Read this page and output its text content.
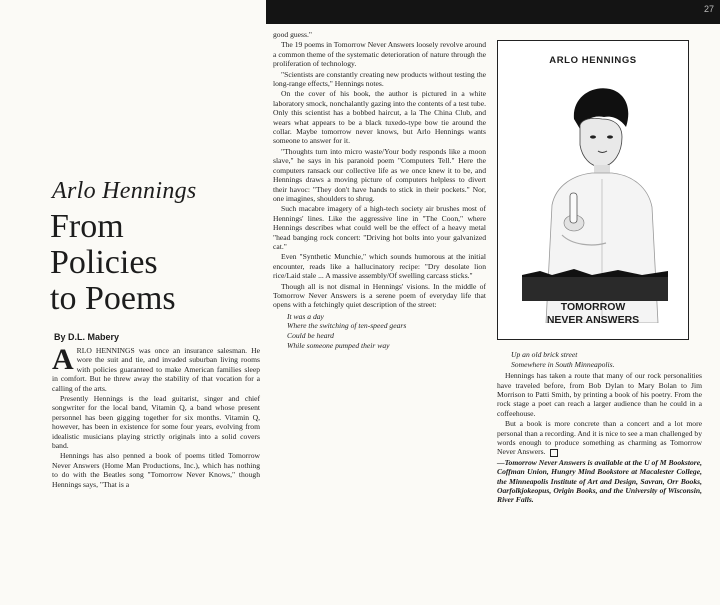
27
Arlo Hennings
From
Policies
to Poems

ARLO HENNINGS was once an insurance salesman. He wore the suit and tie, and invaded suburban living rooms with policies guaranteed to make American families sleep in comfort. But he threw away the stability of that vocation for a calling of the arts.

Presently Hennings is the lead guitarist, singer and chief songwriter for the local band, Vitamin Q, a band whose present personnel has been gigging together for six months. Vitamin Q, however, has been in existence for some four years, evolving from idealistic musicians playing strictly originals into a solid covers band.

Hennings has also penned a book of poems titled Tomorrow Never Answers (Home Man Productions, Inc.), which has nothing to do with the Beatles song "Tomorrow Never Knows," though Hennings says, "That is a

By D.L. Mabery

good guess."

The 19 poems in Tomorrow Never Answers loosely revolve around a common theme of the systematic deterioration of nature through the proliferation of technology.

"Scientists are constantly creating new products without testing the long-range effects," Hennings notes.

On the cover of his book, the author is pictured in a white laboratory smock, nonchalantly gazing into the contents of a test tube. Only this scientist has a bobbed haircut, a la The China Club, and wears what appears to be a black tuxedo-type bow tie around the collar. Maybe tomorrow never knows, but Arlo Hennings wants someone to answer for it.

"Thoughts turn into micro waste/Your body responds like a moon slave," he says in his paranoid poem "Computers Tell." Here the computers ransack our collective life as we once knew it to be, and Hennings draws a moving picture of computers helpless to divert their havoc: "They don't have hands to stick in their pockets." Nor, one imagines, shoulders to shrug.

Such macabre imagery of a high-tech society air brushes most of Hennings' lines. Like the aggressive line in "The Coon," where Hennings describes what could well be the effect of a heavy metal "head banging rock concert: "Driving hot bolts into your galvanized cat."

Even "Synthetic Munchie," which sounds humorous at the initial encounter, reads like a hallucinatory recipe: "Dry desolate lion rice/Laid stale ... A massive assembly/Of swelling carcass sticks."

Though all is not dismal in Hennings' visions. In the middle of Tomorrow Never Answers is a serene poem of everyday life that opens with a fetchingly quiet description of the street:

It was a day
Where the switching of ten-speed gears
Could be heard
While someone pumped their way
ARLO HENNINGS
TOMORROW
NEVER ANSWERS
Up an old brick street
Somewhere in South Minneapolis.

Hennings has taken a route that many of our rock personalities have traveled before, from Bob Dylan to Mary Bolan to Jim Morrison to Patti Smith, by printing a book of his poetry. From the rock stage a poet can reach a larger audience than he could in a coffeehouse.

But a book is more concrete than a concert and a lot more personal than a recording. And it is nice to see a man challenged by words enough to produce something as charming as Tomorrow Never Answers.

—Tomorrow Never Answers is available at the U of M Bookstore, Coffman Union, Hungry Mind Bookstore at Macalester College, the Minneapolis Institute of Art and Design, Savran, Orr Books, Oarfolkjokeopus, Origin Books, and the University of Wisconsin, River Falls.
